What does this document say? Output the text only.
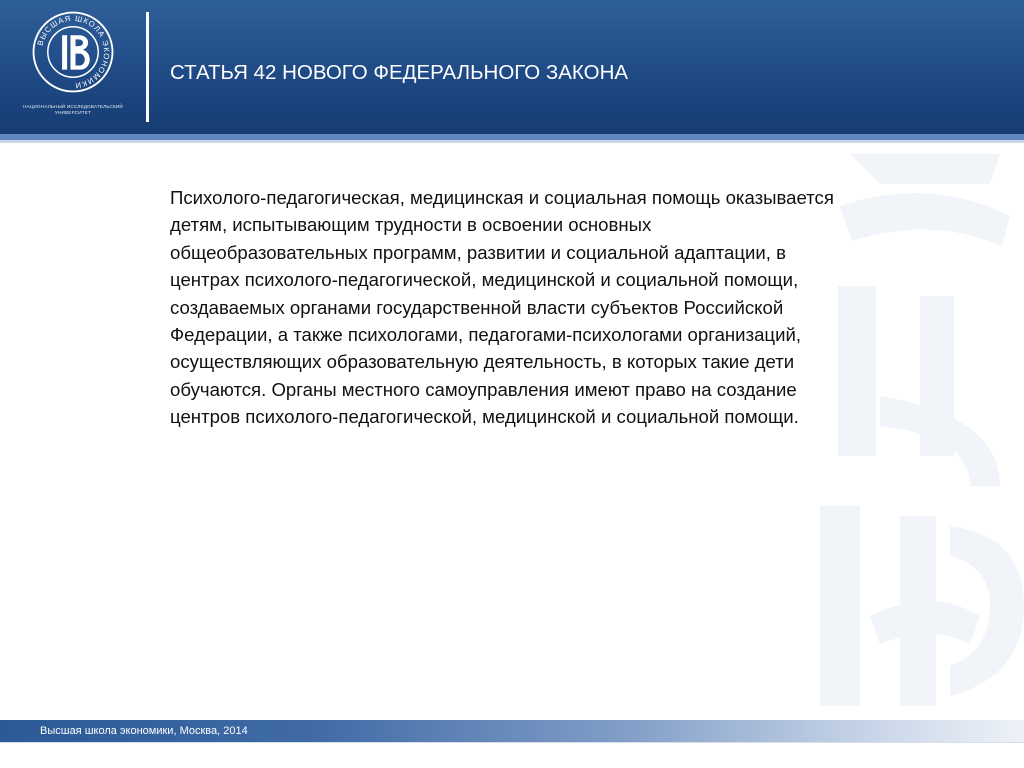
ВЫСШАЯ ШКОЛА ЭКОНОМИКИ
НАЦИОНАЛЬНЫЙ ИССЛЕДОВАТЕЛЬСКИЙ
УНИВЕРСИТЕТ
СТАТЬЯ 42 НОВОГО ФЕДЕРАЛЬНОГО ЗАКОНА
Психолого-педагогическая, медицинская и социальная помощь оказывается детям, испытывающим трудности в освоении основных общеобразовательных программ, развитии и социальной адаптации, в центрах психолого-педагогической, медицинской и социальной помощи, создаваемых органами государственной власти субъектов Российской Федерации, а также психологами, педагогами-психологами организаций, осуществляющих образовательную деятельность, в которых такие дети обучаются. Органы местного самоуправления имеют право на создание центров психолого-педагогической, медицинской и социальной помощи.
Высшая школа экономики, Москва, 2014
